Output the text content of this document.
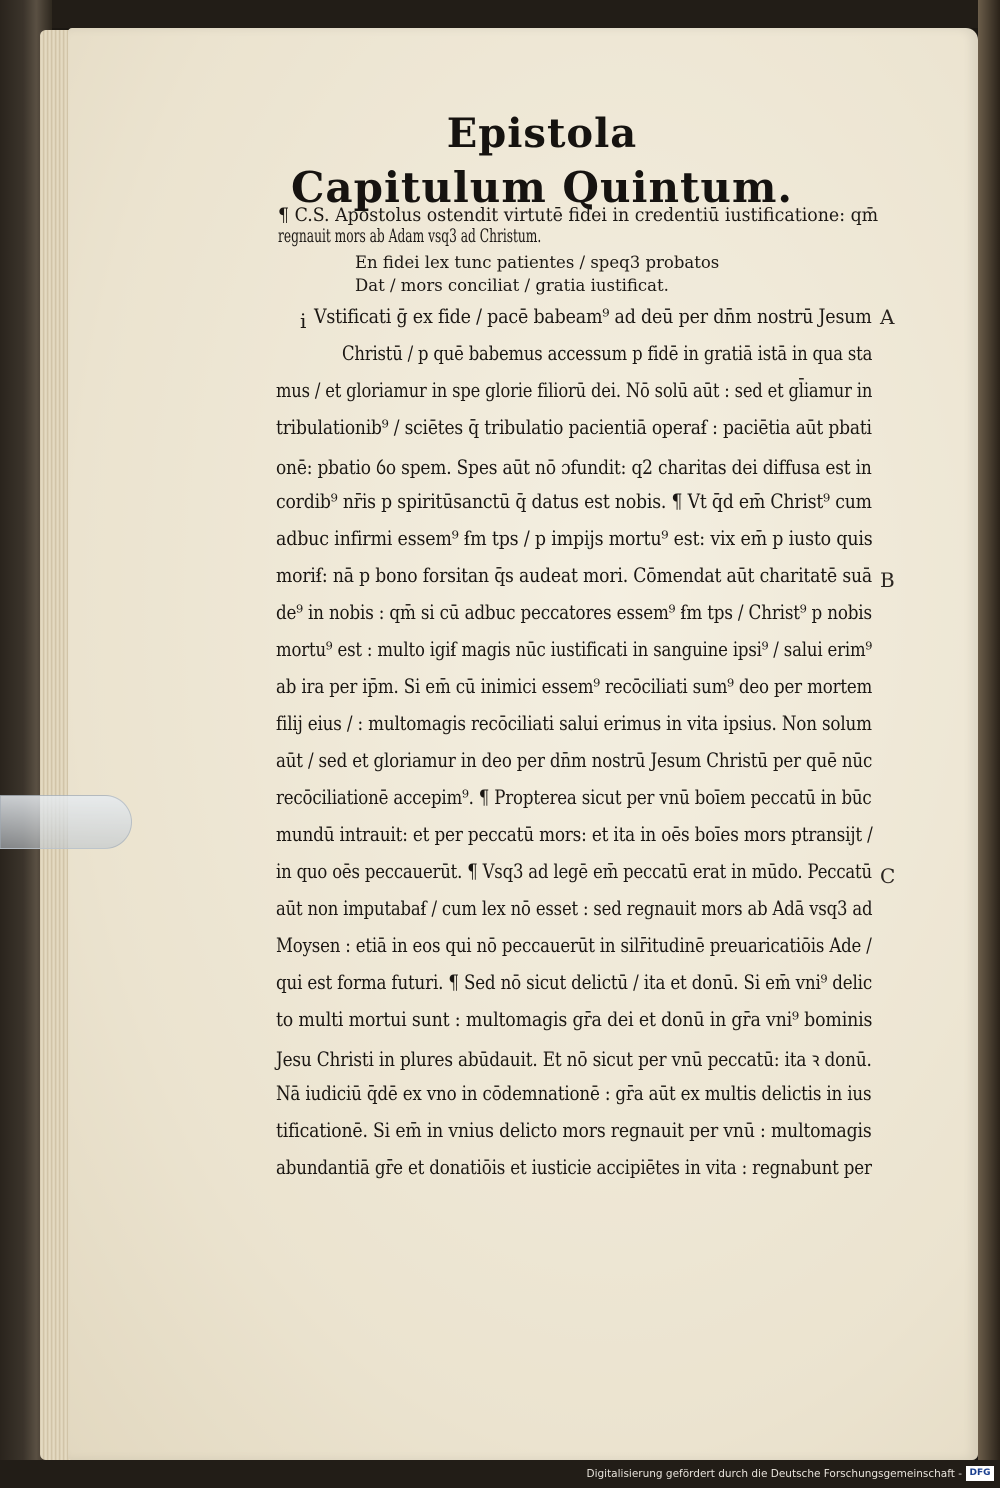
Epistola
Capitulum Quintum.
¶ C.S. Apostolus ostendit virtutē fidei in credentiū iustificatione: qm̄
regnauit mors ab Adam vsq3 ad Christum.
En fidei lex tunc patientes / speq3 probatos
Dat / mors conciliat / gratia iustificat.
i Vstificati ḡ ex fide / pacē babeam⁹ ad deū per dn̄m nostrū Jesum
Christū / p quē babemus accessum p fidē in gratiā istā in qua sta
mus / et gloriamur in spe glorie filiorū dei. Nō solū aūt : sed et gl̄iamur in
tribulationib⁹ / sciētes q̄ tribulatio pacientiā operaẜ : paciētia aūt pbati
onē: pbatio ỽo spem. Spes aūt nō ɔfundit: q2 charitas dei diffusa est in
cordib⁹ nr̄is p spiritūsanctū q̄ datus est nobis. ¶ Vt q̄d em̄ Christ⁹ cum
adbuc infirmi essem⁹ ẜm tps / p impijs mortu⁹ est: vix em̄ p iusto quis
moriẜ: nā p bono forsitan q̄s audeat mori. Cōmendat aūt charitatē suā
de⁹ in nobis : qm̄ si cū adbuc peccatores essem⁹ ẜm tps / Christ⁹ p nobis
mortu⁹ est : multo igiẜ magis nūc iustificati in sanguine ipsi⁹ / salui erim⁹
ab ira per ip̄m. Si em̄ cū inimici essem⁹ recōciliati sum⁹ deo per mortem
filij eius / : multomagis recōciliati salui erimus in vita ipsius. Non solum
aūt / sed et gloriamur in deo per dn̄m nostrū Jesum Christū per quē nūc
recōciliationē accepim⁹. ¶ Propterea sicut per vnū boīem peccatū in būc
mundū intrauit: et per peccatū mors: et ita in oēs boīes mors ptransijt /
in quo oēs peccauerūt. ¶ Vsq3 ad legē em̄ peccatū erat in mūdo. Peccatū
aūt non imputabaẜ / cum lex nō esset : sed regnauit mors ab Adā vsq3 ad
Moysen : etiā in eos qui nō peccauerūt in silr̄itudinē preuaricatiōis Ade /
qui est forma futuri. ¶ Sed nō sicut delictū / ita et donū. Si em̄ vni⁹ delic
to multi mortui sunt : multomagis gr̄a dei et donū in gr̄a vni⁹ bominis
Jesu Christi in plures abūdauit. Et nō sicut per vnū peccatū: ita ꝛ donū.
Nā iudiciū q̄dē ex vno in cōdemnationē : gr̄a aūt ex multis delictis in ius
tificationē. Si em̄ in vnius delicto mors regnauit per vnū : multomagis
abundantiā gr̄e et donatiōis et iusticie accipiētes in vita : regnabunt per
A
B
C
Digitalisierung gefördert durch die Deutsche Forschungsgemeinschaft - DFG
